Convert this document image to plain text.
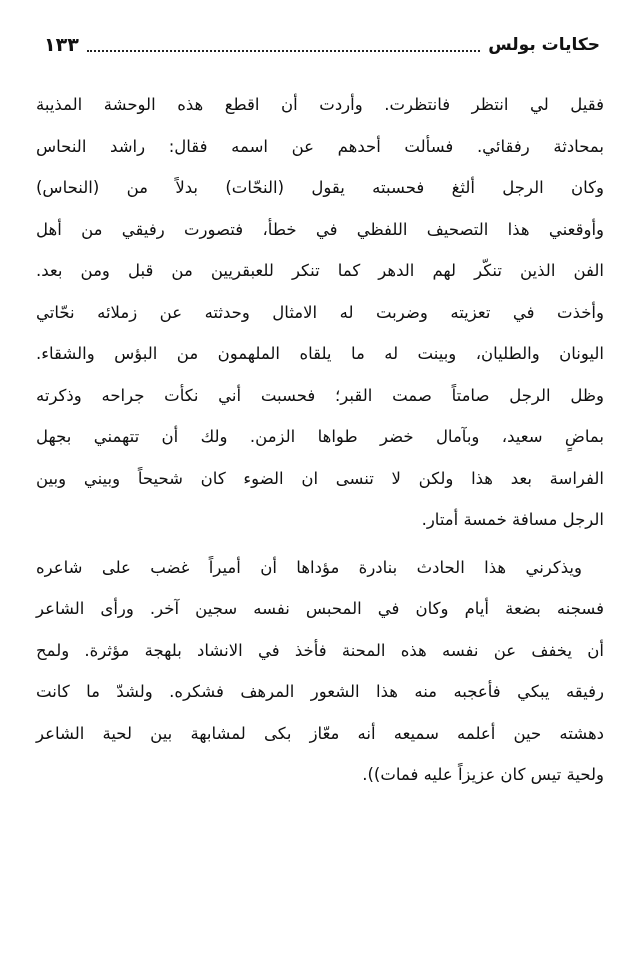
حكايات بولس
١٣٣
فقيل لي انتظر فانتظرت. وأردت أن اقطع هذه الوحشة المذيبة
بمحادثة رفقائي. فسألت أحدهم عن اسمه فقال: راشد النحاس
وكان الرجل ألثغ فحسبته يقول (النحّات) بدلاً من (النحاس)
وأوقعني هذا التصحيف اللفظي في خطأ، فتصورت رفيقي من أهل
الفن الذين تنكّر لهم الدهر كما تنكر للعبقريين من قبل ومن بعد.
وأخذت في تعزيته وضربت له الامثال وحدثته عن زملائه نحّاتي
اليونان والطليان، وبينت له ما يلقاه الملهمون من البؤس والشقاء.
وظل الرجل صامتاً صمت القبر؛ فحسبت أني نكأت جراحه وذكرته
بماضٍ سعيد، وبآمال خضر طواها الزمن. ولك أن تتهمني بجهل
الفراسة بعد هذا ولكن لا تنسى ان الضوء كان شحيحاً وبيني وبين
الرجل مسافة خمسة أمتار.
ويذكرني هذا الحادث بنادرة مؤداها أن أميراً غضب على شاعره
فسجنه بضعة أيام وكان في المحبس نفسه سجين آخر. ورأى الشاعر
أن يخفف عن نفسه هذه المحنة فأخذ في الانشاد بلهجة مؤثرة. ولمح
رفيقه يبكي فأعجبه منه هذا الشعور المرهف فشكره. ولشدّ ما كانت
دهشته حين أعلمه سميعه أنه معّاز بكى لمشابهة بين لحية الشاعر
ولحية تيس كان عزيزاً عليه فمات)).
